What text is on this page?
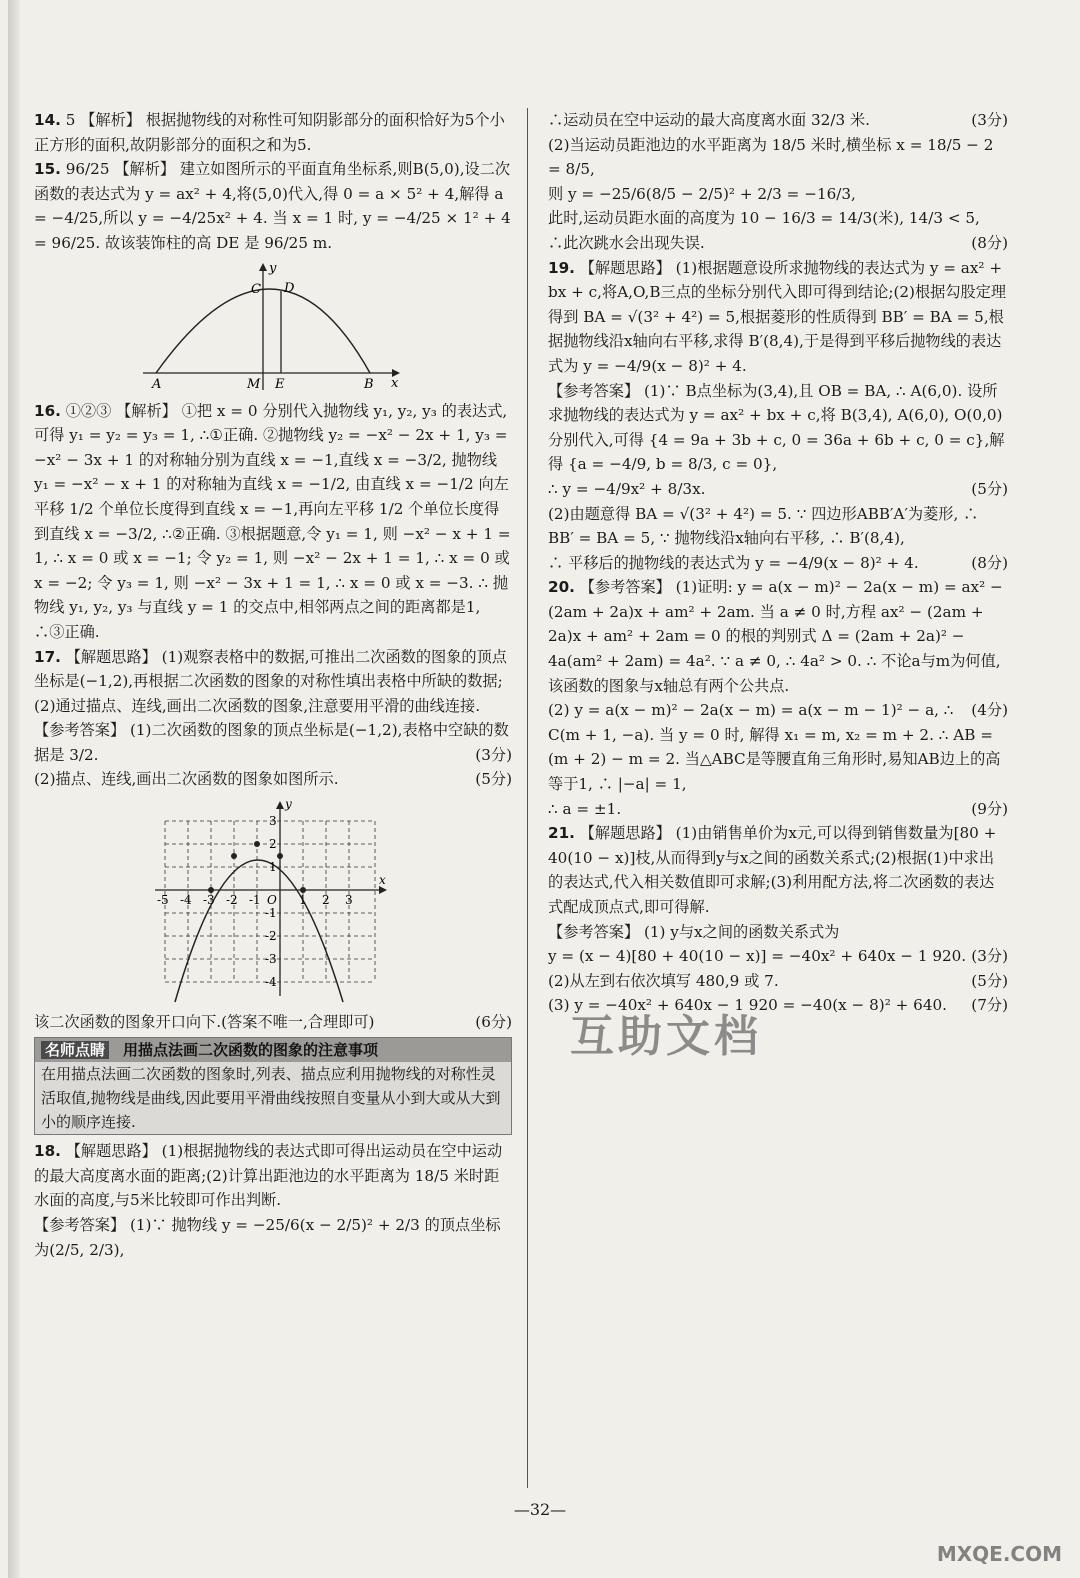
14. 5 【解析】 根据抛物线的对称性可知阴影部分的面积恰好为5个小正方形的面积,故阴影部分的面积之和为5.

15. 96/25 【解析】 建立如图所示的平面直角坐标系,则B(5,0),设二次函数的表达式为 y = ax² + 4,将(5,0)代入,得 0 = a × 5² + 4,解得 a = −4/25,所以 y = −4/25x² + 4. 当 x = 1 时, y = −4/25 × 1² + 4 = 96/25. 故该装饰柱的高 DE 是 96/25 m.

y
C D
A	M E	B x

16. ①②③ 【解析】 ①把 x = 0 分别代入抛物线 y₁, y₂, y₃ 的表达式,可得 y₁ = y₂ = y₃ = 1, ∴①正确. ②抛物线 y₂ = −x² − 2x + 1, y₃ = −x² − 3x + 1 的对称轴分别为直线 x = −1,直线 x = −3/2, 抛物线 y₁ = −x² − x + 1 的对称轴为直线 x = −1/2, 由直线 x = −1/2 向左平移 1/2 个单位长度得到直线 x = −1,再向左平移 1/2 个单位长度得到直线 x = −3/2, ∴②正确. ③根据题意,令 y₁ = 1, 则 −x² − x + 1 = 1, ∴ x = 0 或 x = −1; 令 y₂ = 1, 则 −x² − 2x + 1 = 1, ∴ x = 0 或 x = −2; 令 y₃ = 1, 则 −x² − 3x + 1 = 1, ∴ x = 0 或 x = −3. ∴ 抛物线 y₁, y₂, y₃ 与直线 y = 1 的交点中,相邻两点之间的距离都是1, ∴③正确.

17. 【解题思路】 (1)观察表格中的数据,可推出二次函数的图象的顶点坐标是(−1,2),再根据二次函数的图象的对称性填出表格中所缺的数据;(2)通过描点、连线,画出二次函数的图象,注意要用平滑的曲线连接.

【参考答案】 (1)二次函数的图象的顶点坐标是(−1,2),表格中空缺的数据是 3/2.	(3分)

(2)描点、连线,画出二次函数的图象如图所示.	(5分)

-5 -4 -3 -2 -1 O 1 2 3
3
2
1
-1
-2
-3
-4
x
y

该二次函数的图象开口向下.(答案不唯一,合理即可)	(6分)

名师点睛 用描点法画二次函数的图象的注意事项
在用描点法画二次函数的图象时,列表、描点应利用抛物线的对称性灵活取值,抛物线是曲线,因此要用平滑曲线按照自变量从小到大或从大到小的顺序连接.

18. 【解题思路】 (1)根据抛物线的表达式即可得出运动员在空中运动的最大高度离水面的距离;(2)计算出距池边的水平距离为 18/5 米时距水面的高度,与5米比较即可作出判断.

【参考答案】 (1)∵ 抛物线 y = −25/6(x − 2/5)² + 2/3 的顶点坐标为(2/5, 2/3),

∴运动员在空中运动的最大高度离水面 32/3 米.	(3分)

(2)当运动员距池边的水平距离为 18/5 米时,横坐标 x = 18/5 − 2 = 8/5,

则 y = −25/6(8/5 − 2/5)² + 2/3 = −16/3,

此时,运动员距水面的高度为 10 − 16/3 = 14/3(米), 14/3 < 5,

∴此次跳水会出现失误.	(8分)

19. 【解题思路】 (1)根据题意设所求抛物线的表达式为 y = ax² + bx + c,将A,O,B三点的坐标分别代入即可得到结论;(2)根据勾股定理得到 BA = √(3² + 4²) = 5,根据菱形的性质得到 BB′ = BA = 5,根据抛物线沿x轴向右平移,求得 B′(8,4),于是得到平移后抛物线的表达式为 y = −4/9(x − 8)² + 4.

【参考答案】 (1)∵ B点坐标为(3,4),且 OB = BA, ∴ A(6,0). 设所求抛物线的表达式为 y = ax² + bx + c,将 B(3,4), A(6,0), O(0,0)分别代入,可得 {4 = 9a + 3b + c, 0 = 36a + 6b + c, 0 = c},解得 {a = −4/9, b = 8/3, c = 0},

∴ y = −4/9x² + 8/3x.	(5分)

(2)由题意得 BA = √(3² + 4²) = 5. ∵ 四边形ABB′A′为菱形, ∴ BB′ = BA = 5, ∵ 抛物线沿x轴向右平移, ∴ B′(8,4),

∴ 平移后的抛物线的表达式为 y = −4/9(x − 8)² + 4.	(8分)

20. 【参考答案】 (1)证明: y = a(x − m)² − 2a(x − m) = ax² − (2am + 2a)x + am² + 2am. 当 a ≠ 0 时,方程 ax² − (2am + 2a)x + am² + 2am = 0 的根的判别式 Δ = (2am + 2a)² − 4a(am² + 2am) = 4a². ∵ a ≠ 0, ∴ 4a² > 0. ∴ 不论a与m为何值,该函数的图象与x轴总有两个公共点.

(4分)

(2) y = a(x − m)² − 2a(x − m) = a(x − m − 1)² − a, ∴ C(m + 1, −a). 当 y = 0 时, 解得 x₁ = m, x₂ = m + 2. ∴ AB = (m + 2) − m = 2. 当△ABC是等腰直角三角形时,易知AB边上的高等于1, ∴ |−a| = 1,

∴ a = ±1.	(9分)

21. 【解题思路】 (1)由销售单价为x元,可以得到销售数量为[80 + 40(10 − x)]枝,从而得到y与x之间的函数关系式;(2)根据(1)中求出的表达式,代入相关数值即可求解;(3)利用配方法,将二次函数的表达式配成顶点式,即可得解.

【参考答案】 (1) y与x之间的函数关系式为

y = (x − 4)[80 + 40(10 − x)] = −40x² + 640x − 1 920. (3分)

(2)从左到右依次填写 480,9 或 7.	(5分)

(3) y = −40x² + 640x − 1 920 = −40(x − 8)² + 640. (7分)

互助文档
—32—
MXQE.COM
